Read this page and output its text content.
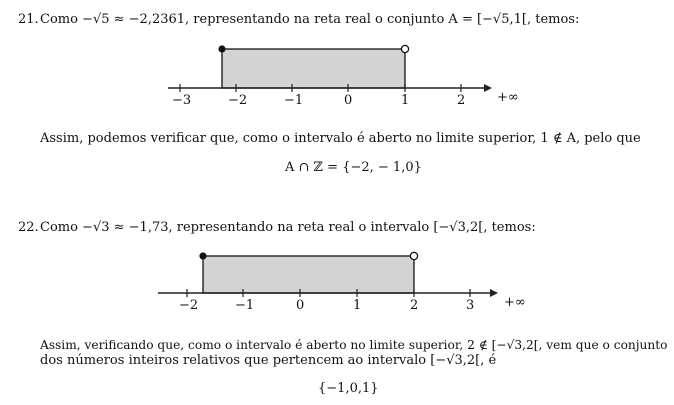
21. Como −√5 ≈ −2,2361, representando na reta real o conjunto A = [−√5,1[, temos:
−3	−2	−1	0	1	2 +∞
Assim, podemos verificar que, como o intervalo é aberto no limite superior, 1 ∉ A, pelo que
A ∩ ℤ = {−2, − 1,0}
22. Como −√3 ≈ −1,73, representando na reta real o intervalo [−√3,2[, temos:
−2	−1	0	1	2	3 +∞
Assim, verificando que, como o intervalo é aberto no limite superior, 2 ∉ [−√3,2[, vem que o conjunto
dos números inteiros relativos que pertencem ao intervalo [−√3,2[, é
{−1,0,1}
